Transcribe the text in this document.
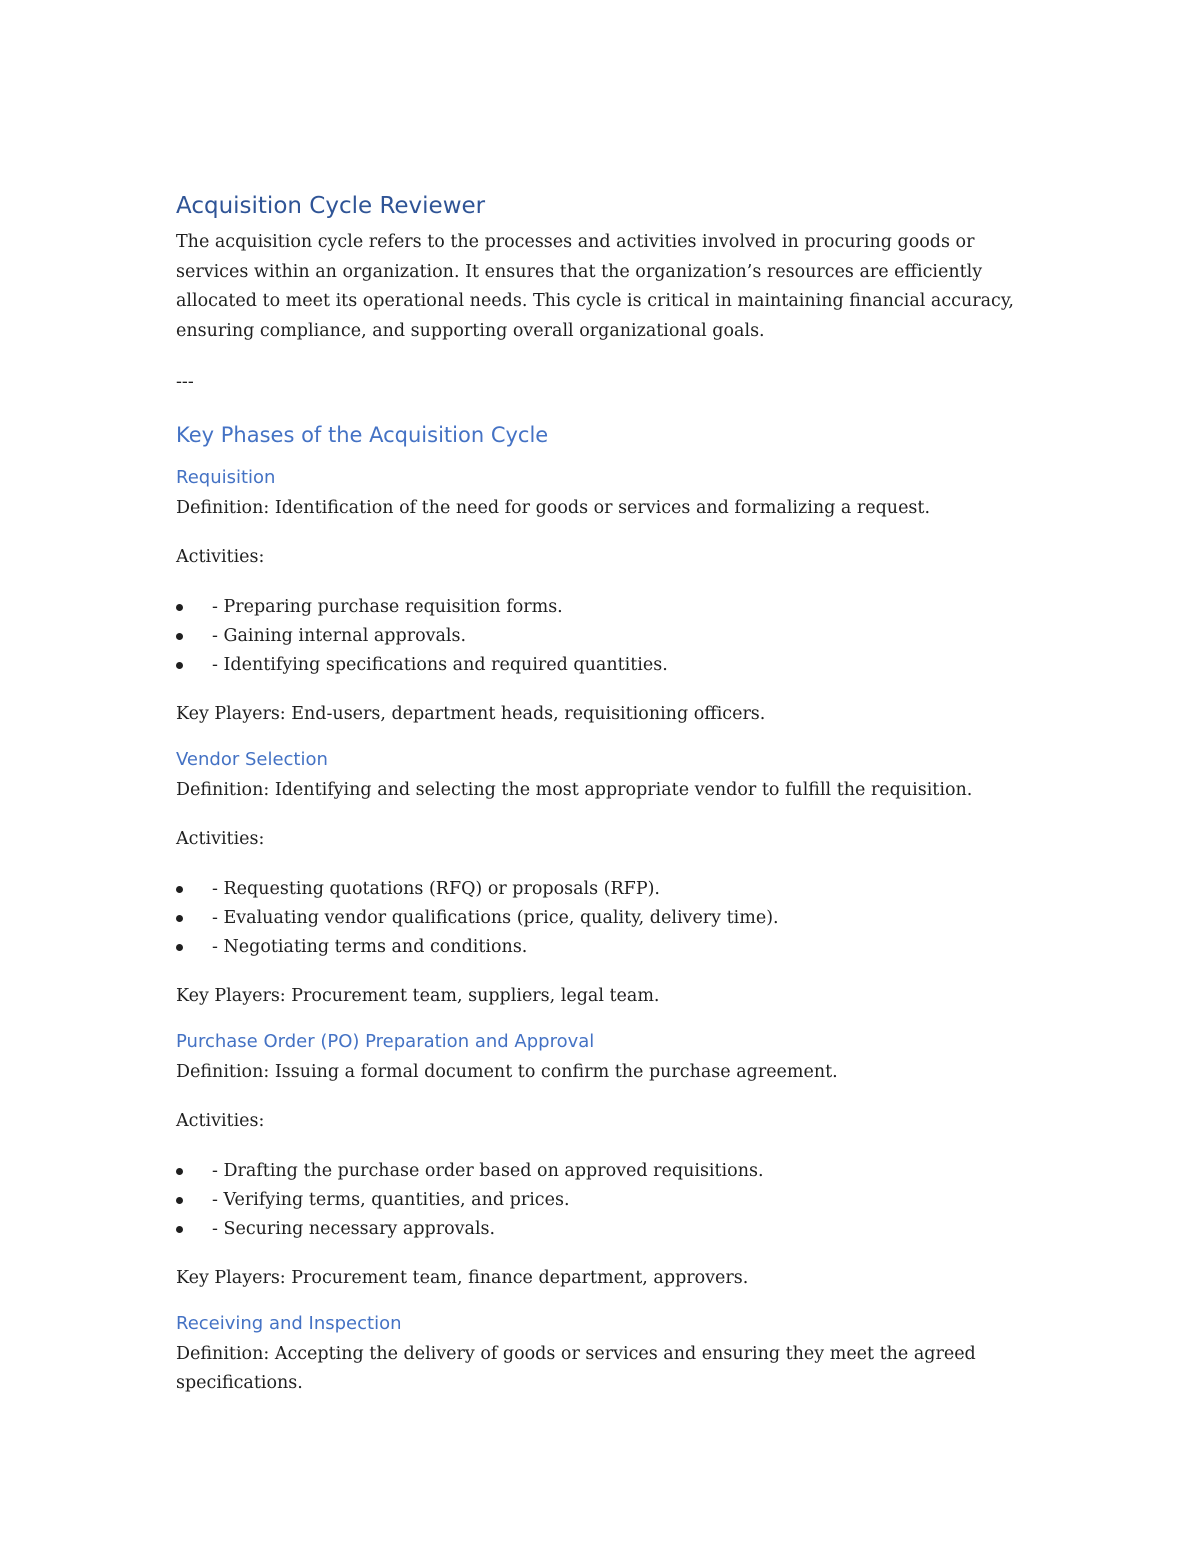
Acquisition Cycle Reviewer

The acquisition cycle refers to the processes and activities involved in procuring goods or services within an organization. It ensures that the organization’s resources are efficiently allocated to meet its operational needs. This cycle is critical in maintaining financial accuracy, ensuring compliance, and supporting overall organizational goals.

---

Key Phases of the Acquisition Cycle
Requisition

Definition: Identification of the need for goods or services and formalizing a request.

Activities:

- Preparing purchase requisition forms.
- Gaining internal approvals.
- Identifying specifications and required quantities.

Key Players: End-users, department heads, requisitioning officers.

Vendor Selection

Definition: Identifying and selecting the most appropriate vendor to fulfill the requisition.

Activities:

- Requesting quotations (RFQ) or proposals (RFP).
- Evaluating vendor qualifications (price, quality, delivery time).
- Negotiating terms and conditions.

Key Players: Procurement team, suppliers, legal team.

Purchase Order (PO) Preparation and Approval

Definition: Issuing a formal document to confirm the purchase agreement.

Activities:

- Drafting the purchase order based on approved requisitions.
- Verifying terms, quantities, and prices.
- Securing necessary approvals.

Key Players: Procurement team, finance department, approvers.

Receiving and Inspection

Definition: Accepting the delivery of goods or services and ensuring they meet the agreed specifications.
